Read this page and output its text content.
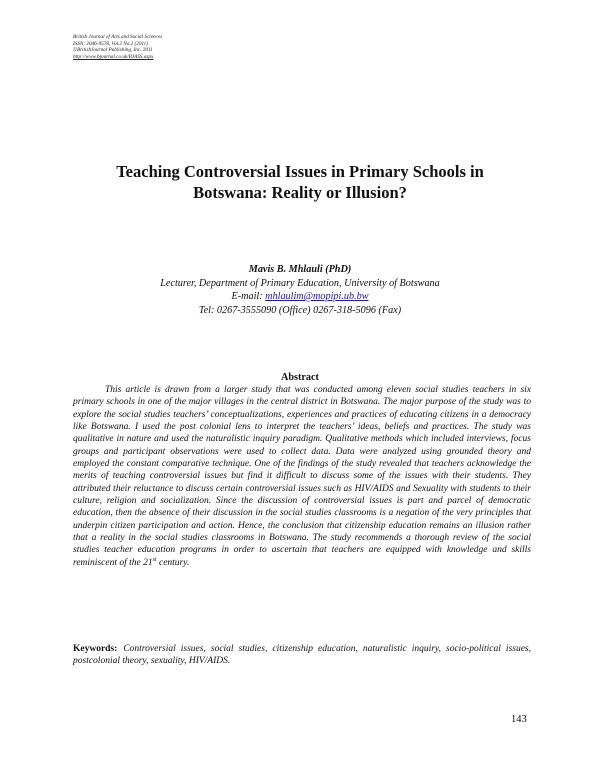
British Journal of Arts and Social Sciences
ISSN: 2046-9578, Vol.2 No.2 (2011)
©BritishJournal Publishing, Inc. 2011
http://www.bjournal.co.uk/BJASS.aspx
Teaching Controversial Issues in Primary Schools in
Botswana: Reality or Illusion?
Mavis B. Mhlauli (PhD)
Lecturer, Department of Primary Education, University of Botswana
E-mail: mhlaulim@mopipi.ub.bw
Tel: 0267-3555090 (Office) 0267-318-5096 (Fax)
Abstract

This article is drawn from a larger study that was conducted among eleven social studies teachers in six primary schools in one of the major villages in the central district in Botswana. The major purpose of the study was to explore the social studies teachers’ conceptualizations, experiences and practices of educating citizens in a democracy like Botswana. I used the post colonial lens to interpret the teachers’ ideas, beliefs and practices. The study was qualitative in nature and used the naturalistic inquiry paradigm. Qualitative methods which included interviews, focus groups and participant observations were used to collect data. Data were analyzed using grounded theory and employed the constant comparative technique. One of the findings of the study revealed that teachers acknowledge the merits of teaching controversial issues but find it difficult to discuss some of the issues with their students. They attributed their reluctance to discuss certain controversial issues such as HIV/AIDS and Sexuality with students to their culture, religion and socialization. Since the discussion of controversial issues is part and parcel of democratic education, then the absence of their discussion in the social studies classrooms is a negation of the very principles that underpin citizen participation and action. Hence, the conclusion that citizenship education remains an illusion rather that a reality in the social studies classrooms in Botswana. The study recommends a thorough review of the social studies teacher education programs in order to ascertain that teachers are equipped with knowledge and skills reminiscent of the 21st century.

Keywords: Controversial issues, social studies, citizenship education, naturalistic inquiry, socio-political issues, postcolonial theory, sexuality, HIV/AIDS.

143
